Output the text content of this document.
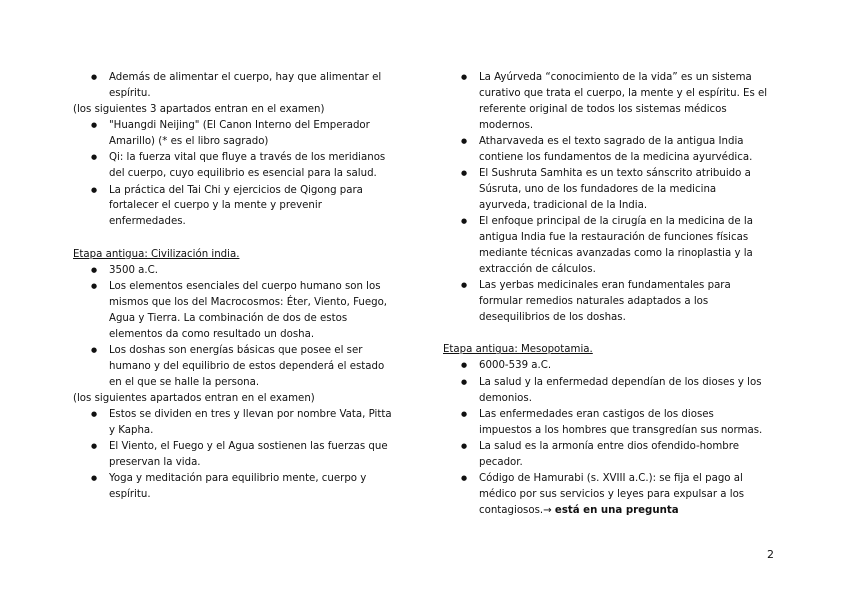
● Además de alimentar el cuerpo, hay que alimentar el espíritu.

(los siguientes 3 apartados entran en el examen)

● "Huangdi Neijing" (El Canon Interno del Emperador Amarillo) (* es el libro sagrado)
● Qi: la fuerza vital que fluye a través de los meridianos del cuerpo, cuyo equilibrio es esencial para la salud.
● La práctica del Tai Chi y ejercicios de Qigong para fortalecer el cuerpo y la mente y prevenir enfermedades.

Etapa antigua: Civilización india.

● 3500 a.C.
● Los elementos esenciales del cuerpo humano son los mismos que los del Macrocosmos: Éter, Viento, Fuego, Agua y Tierra. La combinación de dos de estos elementos da como resultado un dosha.
● Los doshas son energías básicas que posee el ser humano y del equilibrio de estos dependerá el estado en el que se halle la persona.

(los siguientes apartados entran en el examen)

● Estos se dividen en tres y llevan por nombre Vata, Pitta y Kapha.
● El Viento, el Fuego y el Agua sostienen las fuerzas que preservan la vida.
● Yoga y meditación para equilibrio mente, cuerpo y espíritu.
● La Ayúrveda “conocimiento de la vida” es un sistema curativo que trata el cuerpo, la mente y el espíritu. Es el referente original de todos los sistemas médicos modernos.
● Atharvaveda es el texto sagrado de la antigua India contiene los fundamentos de la medicina ayurvédica.
● El Sushruta Samhita es un texto sánscrito atribuido a Súsruta, uno de los fundadores de la medicina ayurveda, tradicional de la India.
● El enfoque principal de la cirugía en la medicina de la antigua India fue la restauración de funciones físicas mediante técnicas avanzadas como la rinoplastia y la extracción de cálculos.
● Las yerbas medicinales eran fundamentales para formular remedios naturales adaptados a los desequilibrios de los doshas.

Etapa antigua: Mesopotamia.

● 6000-539 a.C.
● La salud y la enfermedad dependían de los dioses y los demonios.
● Las enfermedades eran castigos de los dioses impuestos a los hombres que transgredían sus normas.
● La salud es la armonía entre dios ofendido-hombre pecador.
● Código de Hamurabi (s. XVIII a.C.): se fija el pago al médico por sus servicios y leyes para expulsar a los contagiosos.→ está en una pregunta
2
